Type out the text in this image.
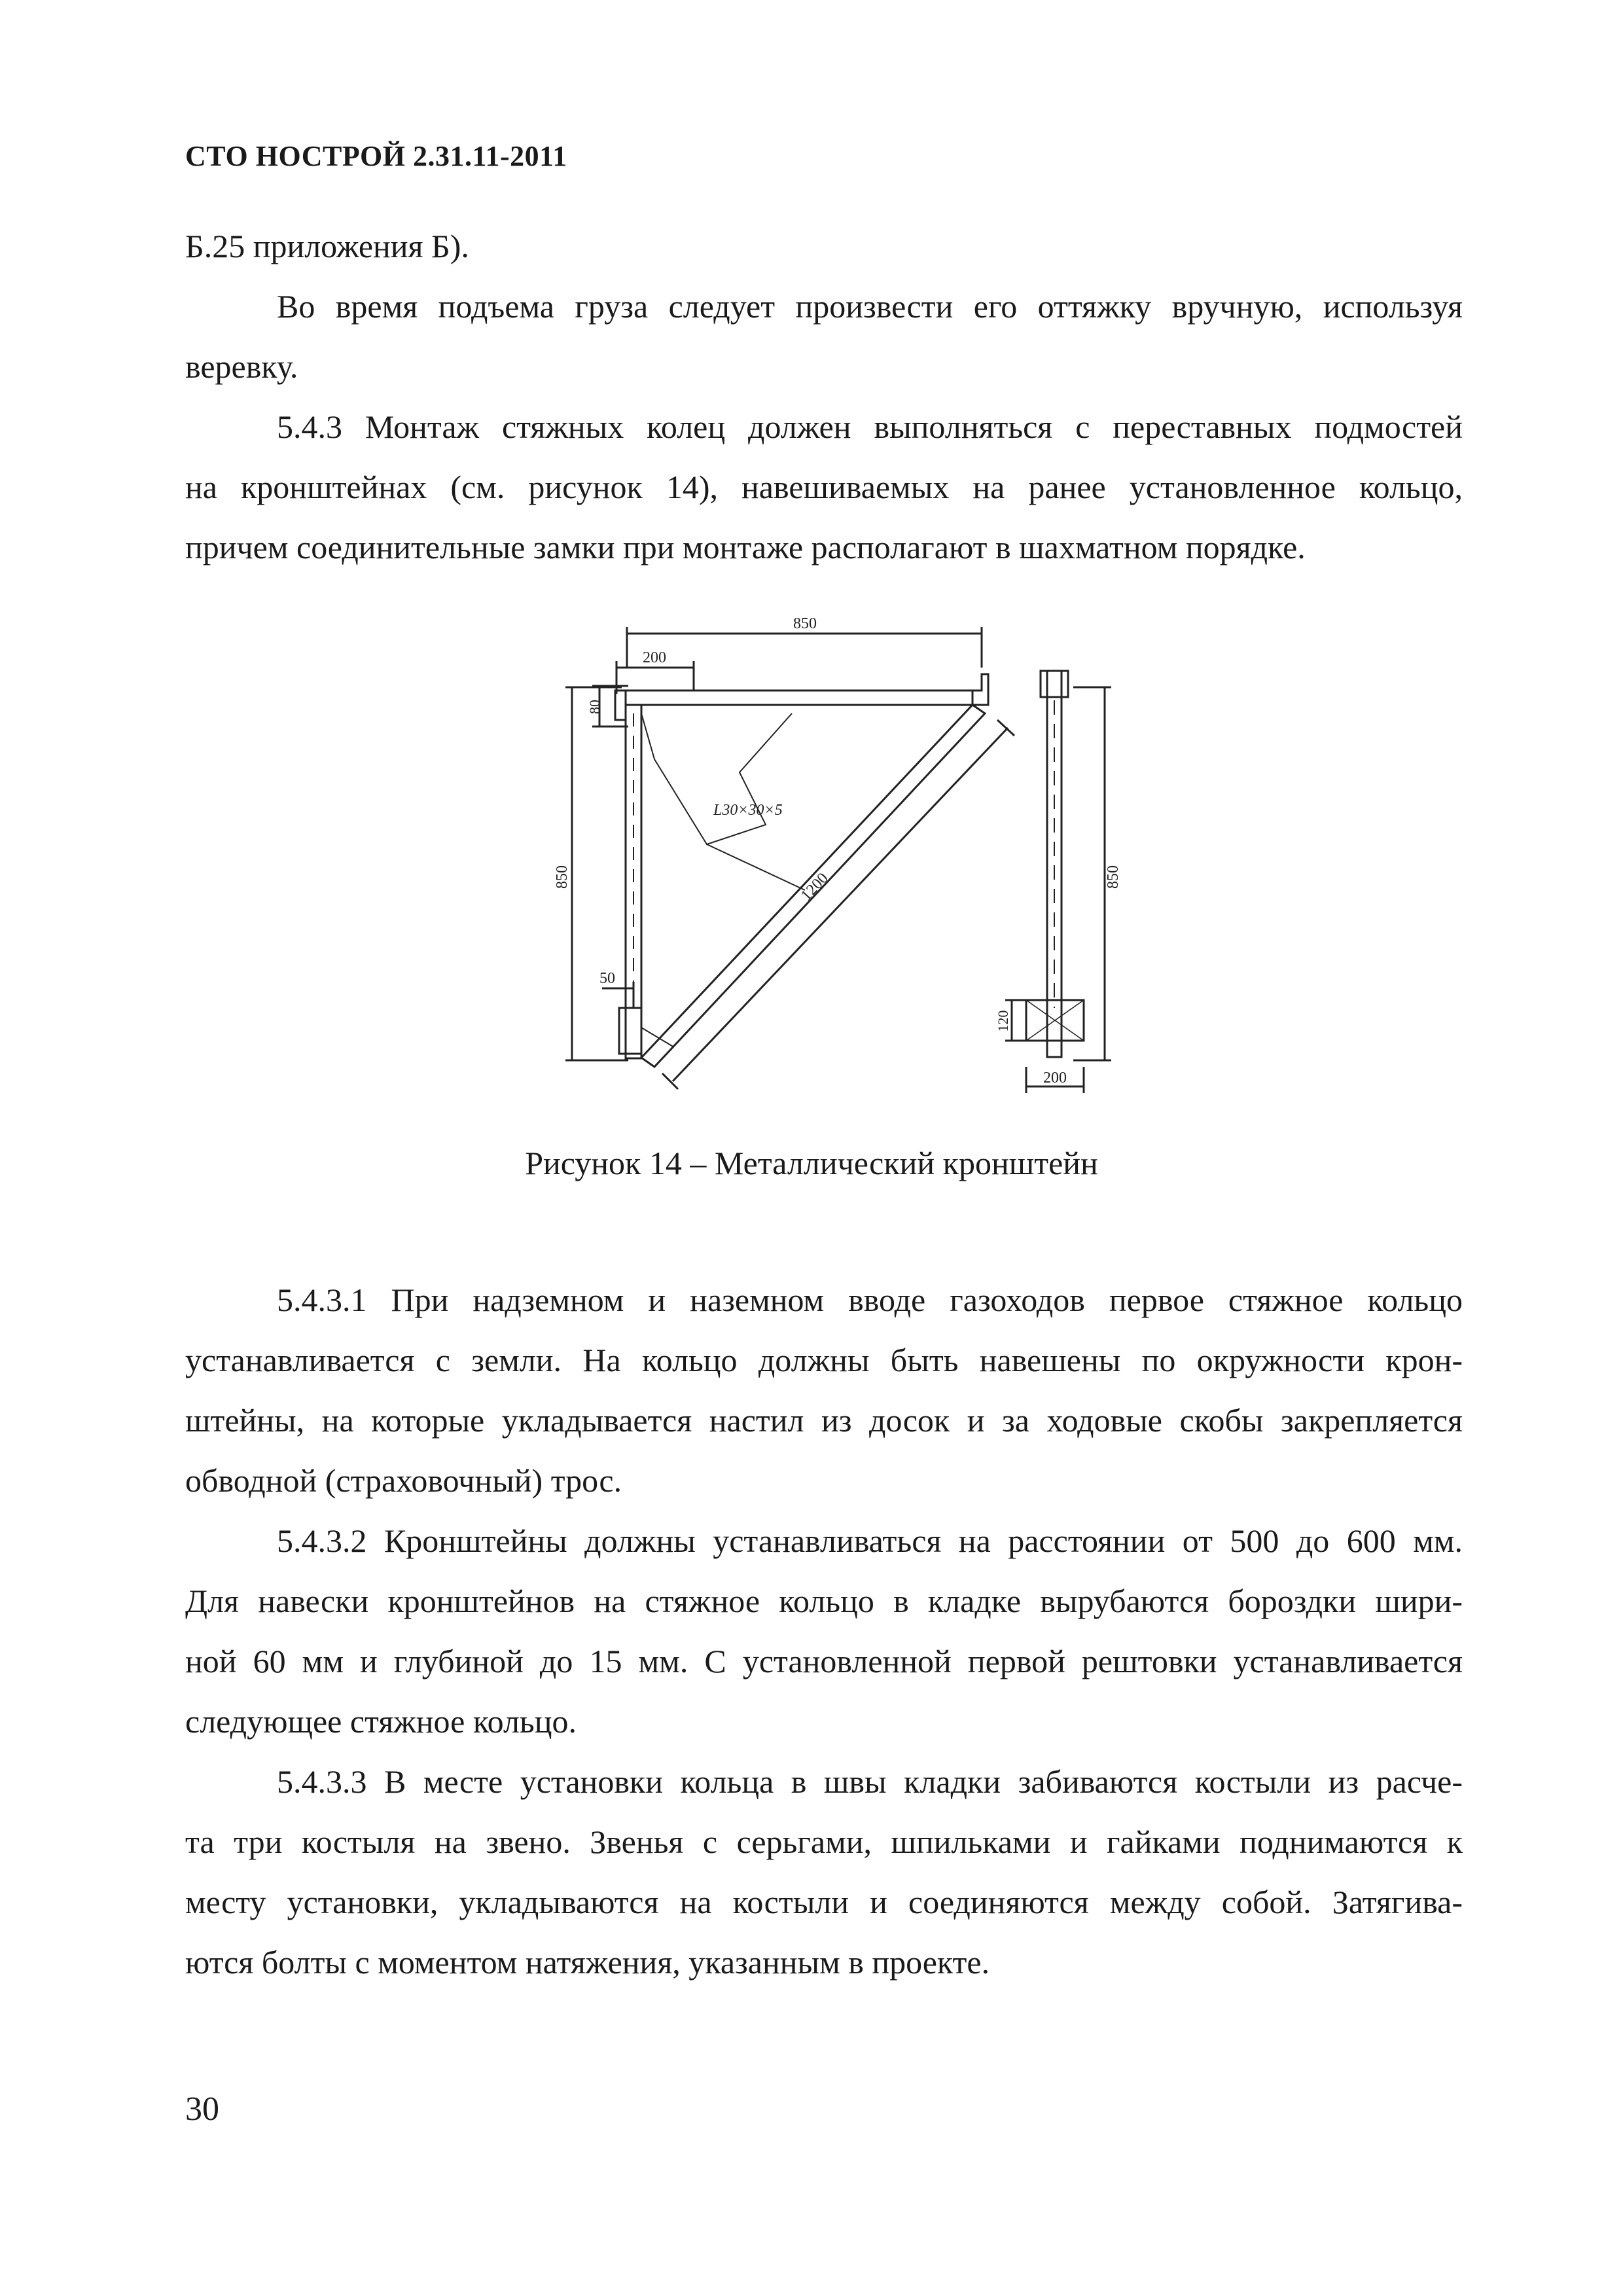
СТО НОСТРОЙ 2.31.11-2011
Б.25 приложения Б).
Во время подъема груза следует произвести его оттяжку вручную, используя
веревку.
5.4.3 Монтаж стяжных колец должен выполняться с переставных подмостей
на кронштейнах (см. рисунок 14), навешиваемых на ранее установленное кольцо,
причем соединительные замки при монтаже располагают в шахматном порядке.
850
200
80
850
50
L30×30×5
1200	850
120
200
Рисунок 14 – Металлический кронштейн
5.4.3.1 При надземном и наземном вводе газоходов первое стяжное кольцо
устанавливается с земли. На кольцо должны быть навешены по окружности крон-
штейны, на которые укладывается настил из досок и за ходовые скобы закрепляется
обводной (страховочный) трос.
5.4.3.2 Кронштейны должны устанавливаться на расстоянии от 500 до 600 мм.
Для навески кронштейнов на стяжное кольцо в кладке вырубаются бороздки шири-
ной 60 мм и глубиной до 15 мм. С установленной первой рештовки устанавливается
следующее стяжное кольцо.
5.4.3.3 В месте установки кольца в швы кладки забиваются костыли из расче-
та три костыля на звено. Звенья с серьгами, шпильками и гайками поднимаются к
месту установки, укладываются на костыли и соединяются между собой. Затягива-
ются болты с моментом натяжения, указанным в проекте.
30
